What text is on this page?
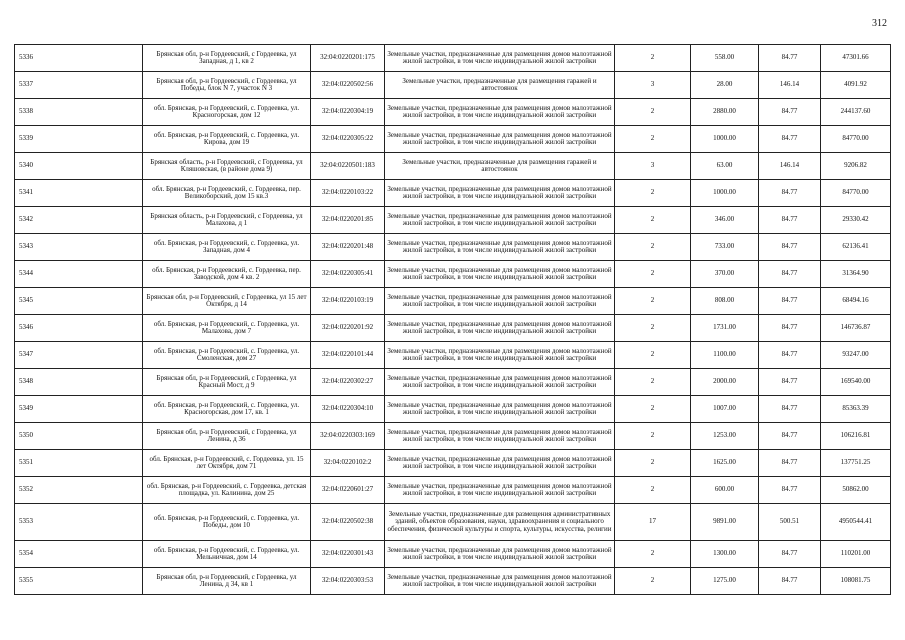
312
5336	Брянская обл, р-н Гордеевский, с Гордеевка, ул Западная, д 1, кв 2	32:04:0220201:175	Земельные участки, предназначенные для размещения домов малоэтажной жилой застройки, в том числе индивидуальной жилой застройки	2	558.00	84.77	47301.66
5337	Брянская обл, р-н Гордеевский, с Гордеевка, ул Победы, блок N 7, участок N 3	32:04:0220502:56	Земельные участки, предназначенные для размещения гаражей и автостоянок	3	28.00	146.14	4091.92
5338	обл. Брянская, р-н Гордеевский, с. Гордеевка, ул. Красногорская, дом 12	32:04:0220304:19	Земельные участки, предназначенные для размещения домов малоэтажной жилой застройки, в том числе индивидуальной жилой застройки	2	2880.00	84.77	244137.60
5339	обл. Брянская, р-н Гордеевский, с. Гордеевка, ул. Кирова, дом 19	32:04:0220305:22	Земельные участки, предназначенные для размещения домов малоэтажной жилой застройки, в том числе индивидуальной жилой застройки	2	1000.00	84.77	84770.00
5340	Брянская область, р-н Гордеевский, с Гордеевка, ул Кляшовская, (в районе дома 9)	32:04:0220501:183	Земельные участки, предназначенные для размещения гаражей и автостоянок	3	63.00	146.14	9206.82
5341	обл. Брянская, р-н Гордеевский, с. Гордеевка, пер. Великоборский, дом 15 кв.3	32:04:0220103:22	Земельные участки, предназначенные для размещения домов малоэтажной жилой застройки, в том числе индивидуальной жилой застройки	2	1000.00	84.77	84770.00
5342	Брянская область, р-н Гордеевский, с Гордеевка, ул Малахова, д 1	32:04:0220201:85	Земельные участки, предназначенные для размещения домов малоэтажной жилой застройки, в том числе индивидуальной жилой застройки	2	346.00	84.77	29330.42
5343	обл. Брянская, р-н Гордеевский, с. Гордеевка, ул. Западная, дом 4	32:04:0220201:48	Земельные участки, предназначенные для размещения домов малоэтажной жилой застройки, в том числе индивидуальной жилой застройки	2	733.00	84.77	62136.41
5344	обл. Брянская, р-н Гордеевский, с. Гордеевка, пер. Заводской, дом 4 кв. 2	32:04:0220305:41	Земельные участки, предназначенные для размещения домов малоэтажной жилой застройки, в том числе индивидуальной жилой застройки	2	370.00	84.77	31364.90
5345	Брянская обл, р-н Гордеевский, с Гордеевка, ул 15 лет Октября, д 14	32:04:0220103:19	Земельные участки, предназначенные для размещения домов малоэтажной жилой застройки, в том числе индивидуальной жилой застройки	2	808.00	84.77	68494.16
5346	обл. Брянская, р-н Гордеевский, с. Гордеевка, ул. Малахова, дом 7	32:04:0220201:92	Земельные участки, предназначенные для размещения домов малоэтажной жилой застройки, в том числе индивидуальной жилой застройки	2	1731.00	84.77	146736.87
5347	обл. Брянская, р-н Гордеевский, с. Гордеевка, ул. Смоленская, дом 27	32:04:0220101:44	Земельные участки, предназначенные для размещения домов малоэтажной жилой застройки, в том числе индивидуальной жилой застройки	2	1100.00	84.77	93247.00
5348	Брянская обл, р-н Гордеевский, с Гордеевка, ул Красный Мост, д 9	32:04:0220302:27	Земельные участки, предназначенные для размещения домов малоэтажной жилой застройки, в том числе индивидуальной жилой застройки	2	2000.00	84.77	169540.00
5349	обл. Брянская, р-н Гордеевский, с. Гордеевка, ул. Красногорская, дом 17, кв. 1	32:04:0220304:10	Земельные участки, предназначенные для размещения домов малоэтажной жилой застройки, в том числе индивидуальной жилой застройки	2	1007.00	84.77	85363.39
5350	Брянская обл, р-н Гордеевский, с Гордеевка, ул Ленина, д 36	32:04:0220303:169	Земельные участки, предназначенные для размещения домов малоэтажной жилой застройки, в том числе индивидуальной жилой застройки	2	1253.00	84.77	106216.81
5351	обл. Брянская, р-н Гордеевский, с. Гордеевка, ул. 15 лет Октября, дом 71	32:04:0220102:2	Земельные участки, предназначенные для размещения домов малоэтажной жилой застройки, в том числе индивидуальной жилой застройки	2	1625.00	84.77	137751.25
5352	обл. Брянская, р-н Гордеевский, с. Гордеевка, детская площадка, ул. Калинина, дом 25	32:04:0220601:27	Земельные участки, предназначенные для размещения домов малоэтажной жилой застройки, в том числе индивидуальной жилой застройки	2	600.00	84.77	50862.00
5353	обл. Брянская, р-н Гордеевский, с. Гордеевка, ул. Победы, дом 10	32:04:0220502:38	Земельные участки, предназначенные для размещения административных зданий, объектов образования, науки, здравоохранения и социального обеспечения, физической культуры и спорта, культуры, искусства, религии	17	9891.00	500.51	4950544.41
5354	обл. Брянская, р-н Гордеевский, с. Гордеевка, ул. Мельничная, дом 14	32:04:0220301:43	Земельные участки, предназначенные для размещения домов малоэтажной жилой застройки, в том числе индивидуальной жилой застройки	2	1300.00	84.77	110201.00
5355	Брянская обл, р-н Гордеевский, с Гордеевка, ул Ленина, д 34, кв 1	32:04:0220303:53	Земельные участки, предназначенные для размещения домов малоэтажной жилой застройки, в том числе индивидуальной жилой застройки	2	1275.00	84.77	108081.75
